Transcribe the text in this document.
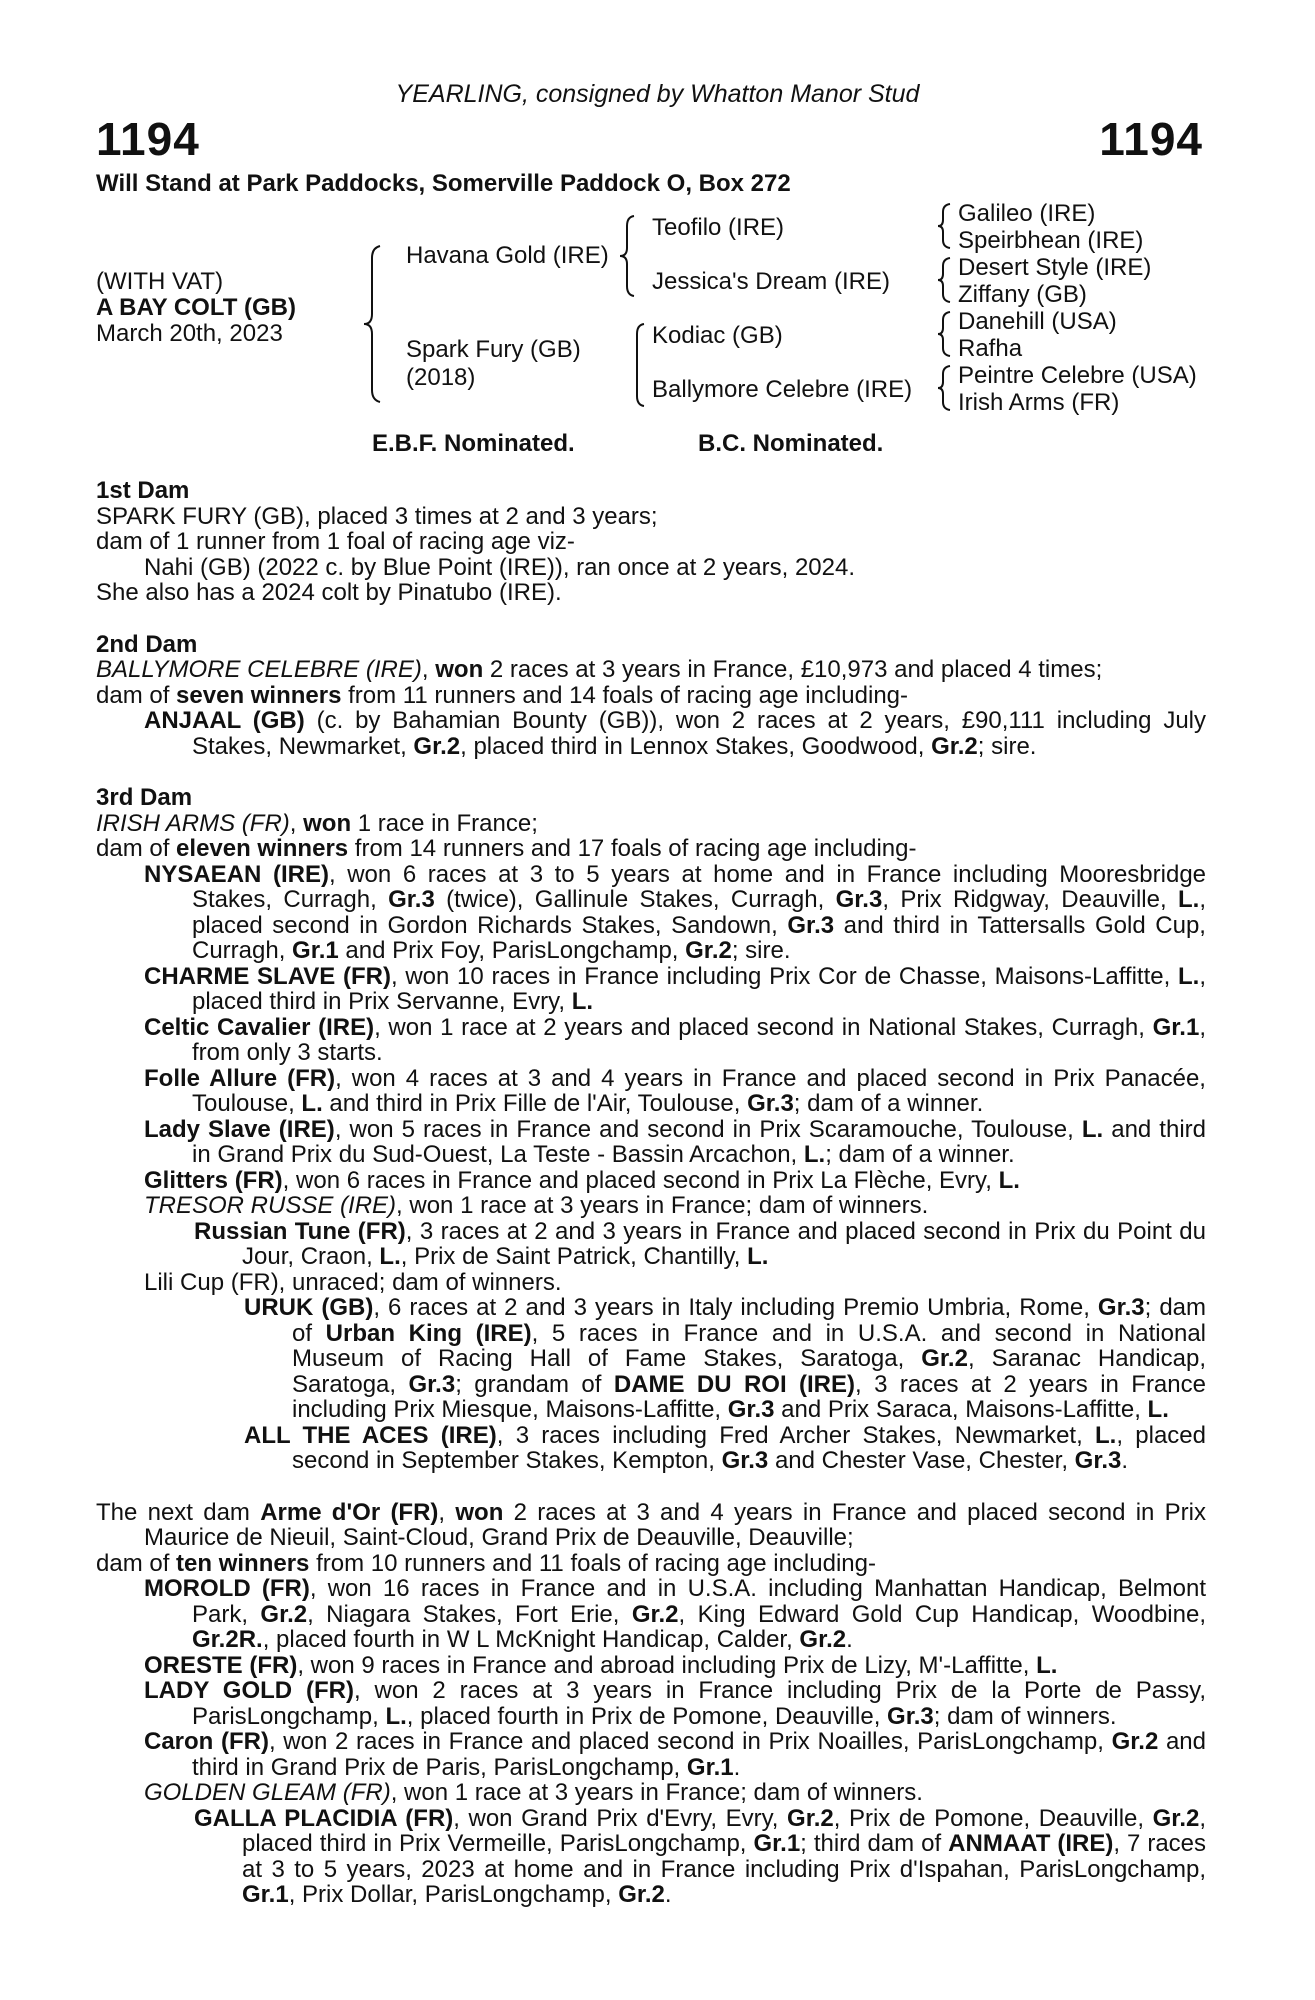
YEARLING, consigned by Whatton Manor Stud
1194	1194
Will Stand at Park Paddocks, Somerville Paddock O, Box 272
(WITH VAT)
A BAY COLT (GB)
March 20th, 2023
Havana Gold (IRE)
Spark Fury (GB)
(2018)
Teofilo (IRE)
Jessica's Dream (IRE)
Kodiac (GB)
Ballymore Celebre (IRE)
Galileo (IRE)
Speirbhean (IRE)
Desert Style (IRE)
Ziffany (GB)
Danehill (USA)
Rafha
Peintre Celebre (USA)
Irish Arms (FR)
E.B.F. Nominated.	B.C. Nominated.
1st Dam
SPARK FURY (GB), placed 3 times at 2 and 3 years;
dam of 1 runner from 1 foal of racing age viz-
Nahi (GB) (2022 c. by Blue Point (IRE)), ran once at 2 years, 2024.
She also has a 2024 colt by Pinatubo (IRE).
2nd Dam
BALLYMORE CELEBRE (IRE), won 2 races at 3 years in France, £10,973 and placed 4 times;
dam of seven winners from 11 runners and 14 foals of racing age including-
ANJAAL (GB) (c. by Bahamian Bounty (GB)), won 2 races at 2 years, £90,111 including July Stakes, Newmarket, Gr.2, placed third in Lennox Stakes, Goodwood, Gr.2; sire.
3rd Dam
IRISH ARMS (FR), won 1 race in France;
dam of eleven winners from 14 runners and 17 foals of racing age including-
NYSAEAN (IRE), won 6 races at 3 to 5 years at home and in France including Mooresbridge Stakes, Curragh, Gr.3 (twice), Gallinule Stakes, Curragh, Gr.3, Prix Ridgway, Deauville, L., placed second in Gordon Richards Stakes, Sandown, Gr.3 and third in Tattersalls Gold Cup, Curragh, Gr.1 and Prix Foy, ParisLongchamp, Gr.2; sire.
CHARME SLAVE (FR), won 10 races in France including Prix Cor de Chasse, Maisons-Laffitte, L., placed third in Prix Servanne, Evry, L.
Celtic Cavalier (IRE), won 1 race at 2 years and placed second in National Stakes, Curragh, Gr.1, from only 3 starts.
Folle Allure (FR), won 4 races at 3 and 4 years in France and placed second in Prix Panacée, Toulouse, L. and third in Prix Fille de l'Air, Toulouse, Gr.3; dam of a winner.
Lady Slave (IRE), won 5 races in France and second in Prix Scaramouche, Toulouse, L. and third in Grand Prix du Sud-Ouest, La Teste - Bassin Arcachon, L.; dam of a winner.
Glitters (FR), won 6 races in France and placed second in Prix La Flèche, Evry, L.
TRESOR RUSSE (IRE), won 1 race at 3 years in France; dam of winners.
Russian Tune (FR), 3 races at 2 and 3 years in France and placed second in Prix du Point du Jour, Craon, L., Prix de Saint Patrick, Chantilly, L.
Lili Cup (FR), unraced; dam of winners.
URUK (GB), 6 races at 2 and 3 years in Italy including Premio Umbria, Rome, Gr.3; dam of Urban King (IRE), 5 races in France and in U.S.A. and second in National Museum of Racing Hall of Fame Stakes, Saratoga, Gr.2, Saranac Handicap, Saratoga, Gr.3; grandam of DAME DU ROI (IRE), 3 races at 2 years in France including Prix Miesque, Maisons-Laffitte, Gr.3 and Prix Saraca, Maisons-Laffitte, L.
ALL THE ACES (IRE), 3 races including Fred Archer Stakes, Newmarket, L., placed second in September Stakes, Kempton, Gr.3 and Chester Vase, Chester, Gr.3.
The next dam Arme d'Or (FR), won 2 races at 3 and 4 years in France and placed second in Prix Maurice de Nieuil, Saint-Cloud, Grand Prix de Deauville, Deauville;
dam of ten winners from 10 runners and 11 foals of racing age including-
MOROLD (FR), won 16 races in France and in U.S.A. including Manhattan Handicap, Belmont Park, Gr.2, Niagara Stakes, Fort Erie, Gr.2, King Edward Gold Cup Handicap, Woodbine, Gr.2R., placed fourth in W L McKnight Handicap, Calder, Gr.2.
ORESTE (FR), won 9 races in France and abroad including Prix de Lizy, M'-Laffitte, L.
LADY GOLD (FR), won 2 races at 3 years in France including Prix de la Porte de Passy, ParisLongchamp, L., placed fourth in Prix de Pomone, Deauville, Gr.3; dam of winners.
Caron (FR), won 2 races in France and placed second in Prix Noailles, ParisLongchamp, Gr.2 and third in Grand Prix de Paris, ParisLongchamp, Gr.1.
GOLDEN GLEAM (FR), won 1 race at 3 years in France; dam of winners.
GALLA PLACIDIA (FR), won Grand Prix d'Evry, Evry, Gr.2, Prix de Pomone, Deauville, Gr.2, placed third in Prix Vermeille, ParisLongchamp, Gr.1; third dam of ANMAAT (IRE), 7 races at 3 to 5 years, 2023 at home and in France including Prix d'Ispahan, ParisLongchamp, Gr.1, Prix Dollar, ParisLongchamp, Gr.2.
